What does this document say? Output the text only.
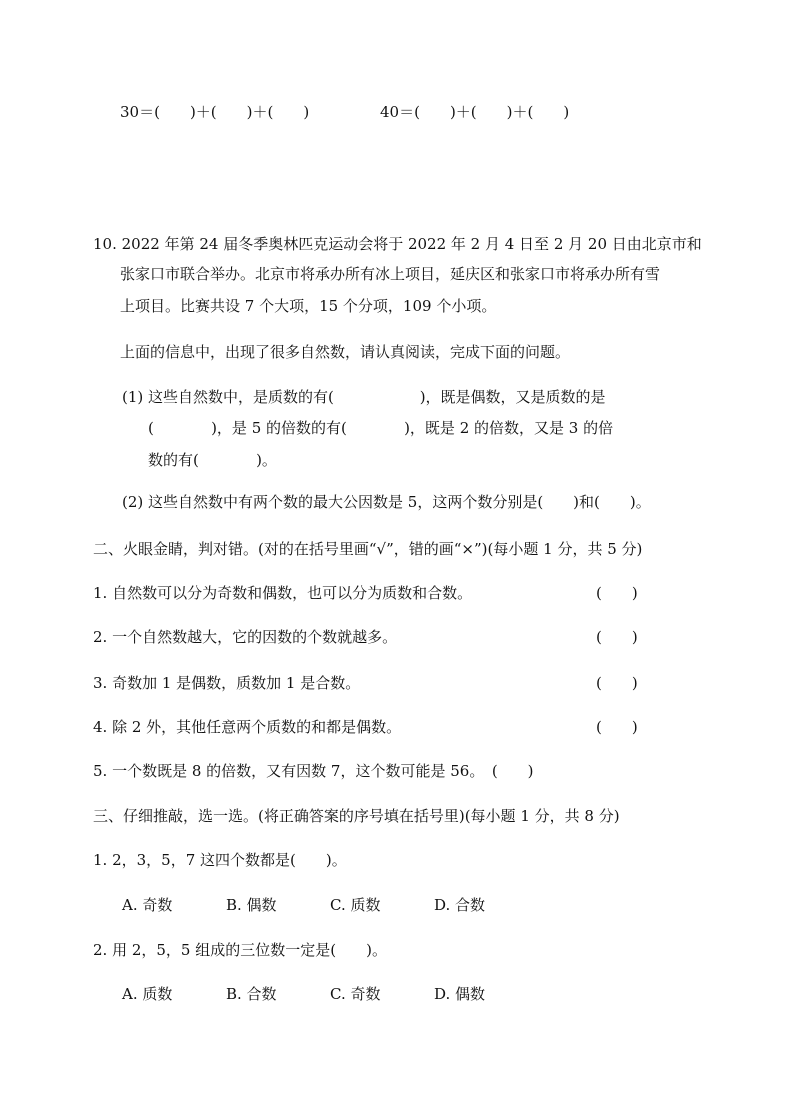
30＝(　　)＋(　　)＋(　　)	40＝(　　)＋(　　)＋(　　)
10. 2022 年第 24 届冬季奥林匹克运动会将于 2022 年 2 月 4 日至 2 月 20 日由北京市和
张家口市联合举办。北京市将承办所有冰上项目，延庆区和张家口市将承办所有雪
上项目。比赛共设 7 个大项，15 个分项，109 个小项。
上面的信息中，出现了很多自然数，请认真阅读，完成下面的问题。
(1) 这些自然数中，是质数的有(                  )，既是偶数，又是质数的是
(            )，是 5 的倍数的有(            )，既是 2 的倍数，又是 3 的倍
数的有(            )。
(2) 这些自然数中有两个数的最大公因数是 5，这两个数分别是(　　)和(　　)。
二、火眼金睛，判对错。(对的在括号里画“√”，错的画“×”)(每小题 1 分，共 5 分)
1. 自然数可以分为奇数和偶数，也可以分为质数和合数。	(　　)
2. 一个自然数越大，它的因数的个数就越多。	(　　)
3. 奇数加 1 是偶数，质数加 1 是合数。	(　　)
4. 除 2 外，其他任意两个质数的和都是偶数。	(　　)
5. 一个数既是 8 的倍数，又有因数 7，这个数可能是 56。　(　　)
三、仔细推敲，选一选。(将正确答案的序号填在括号里)(每小题 1 分，共 8 分)
1. 2，3，5，7 这四个数都是(　　)。
A. 奇数	B. 偶数	C. 质数	D. 合数
2. 用 2，5，5 组成的三位数一定是(　　)。
A. 质数	B. 合数	C. 奇数	D. 偶数
